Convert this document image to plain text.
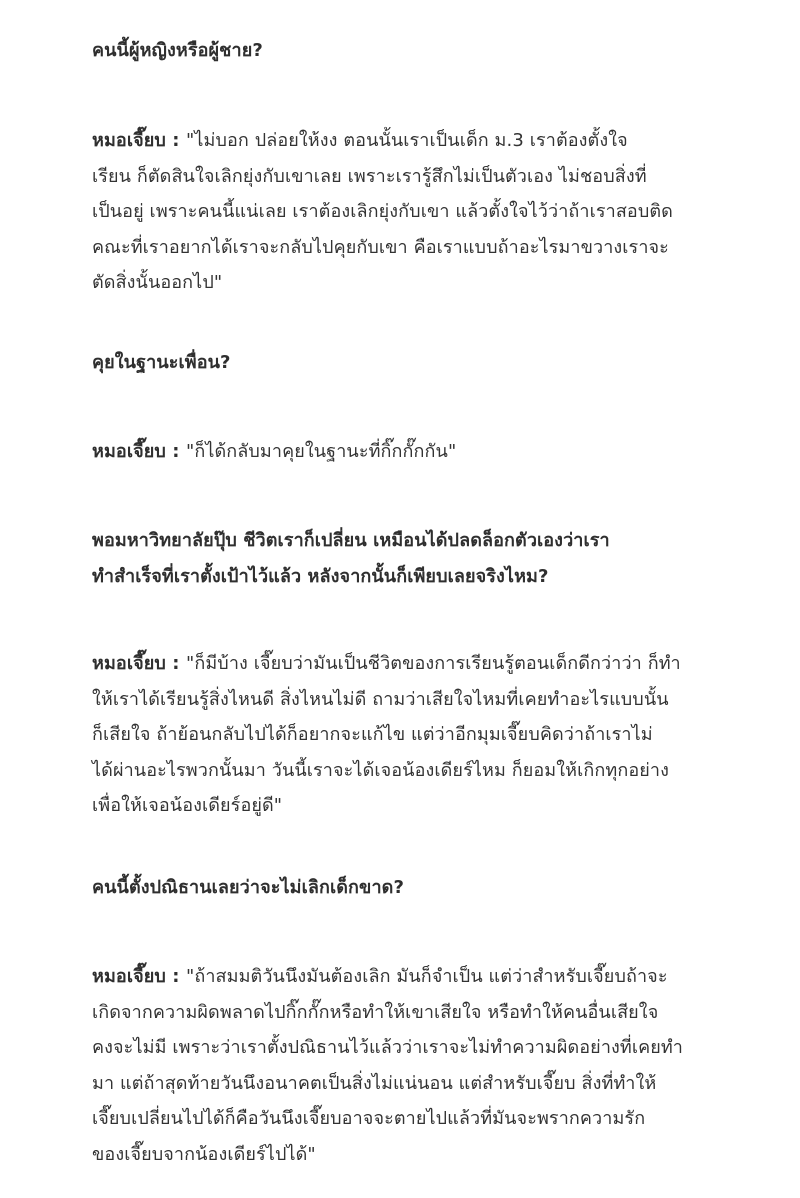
คนนี้ผู้หญิงหรือผู้ชาย?
หมอเจี๊ยบ : "ไม่บอก ปล่อยให้งง ตอนนั้นเราเป็นเด็ก ม.3 เราต้องตั้งใจ
เรียน ก็ตัดสินใจเลิกยุ่งกับเขาเลย เพราะเรารู้สึกไม่เป็นตัวเอง ไม่ชอบสิ่งที่
เป็นอยู่ เพราะคนนี้แน่เลย เราต้องเลิกยุ่งกับเขา แล้วตั้งใจไว้ว่าถ้าเราสอบติด
คณะที่เราอยากได้เราจะกลับไปคุยกับเขา คือเราแบบถ้าอะไรมาขวางเราจะ
ตัดสิ่งนั้นออกไป"
คุยในฐานะเพื่อน?
หมอเจี๊ยบ : "ก็ได้กลับมาคุยในฐานะที่กิ๊กกั๊กกัน"
พอมหาวิทยาลัยปุ๊บ ชีวิตเราก็เปลี่ยน เหมือนได้ปลดล็อกตัวเองว่าเรา
ทำสำเร็จที่เราตั้งเป้าไว้แล้ว หลังจากนั้นก็เพียบเลยจริงไหม?
หมอเจี๊ยบ : "ก็มีบ้าง เจี๊ยบว่ามันเป็นชีวิตของการเรียนรู้ตอนเด็กดีกว่าว่า ก็ทำ
ให้เราได้เรียนรู้สิ่งไหนดี สิ่งไหนไม่ดี ถามว่าเสียใจไหมที่เคยทำอะไรแบบนั้น
ก็เสียใจ ถ้าย้อนกลับไปได้ก็อยากจะแก้ไข แต่ว่าอีกมุมเจี๊ยบคิดว่าถ้าเราไม่
ได้ผ่านอะไรพวกนั้นมา วันนี้เราจะได้เจอน้องเดียร์ไหม ก็ยอมให้เกิกทุกอย่าง
เพื่อให้เจอน้องเดียร์อยู่ดี"
คนนี้ตั้งปณิธานเลยว่าจะไม่เลิกเด็กขาด?
หมอเจี๊ยบ : "ถ้าสมมติวันนึงมันต้องเลิก มันก็จำเป็น แต่ว่าสำหรับเจี๊ยบถ้าจะ
เกิดจากความผิดพลาดไปกิ๊กกั๊กหรือทำให้เขาเสียใจ หรือทำให้คนอื่นเสียใจ
คงจะไม่มี เพราะว่าเราตั้งปณิธานไว้แล้วว่าเราจะไม่ทำความผิดอย่างที่เคยทำ
มา แต่ถ้าสุดท้ายวันนึงอนาคตเป็นสิ่งไม่แน่นอน แต่สำหรับเจี๊ยบ สิ่งที่ทำให้
เจี๊ยบเปลี่ยนไปได้ก็คือวันนึงเจี๊ยบอาจจะตายไปแล้วที่มันจะพรากความรัก
ของเจี๊ยบจากน้องเดียร์ไปได้"
